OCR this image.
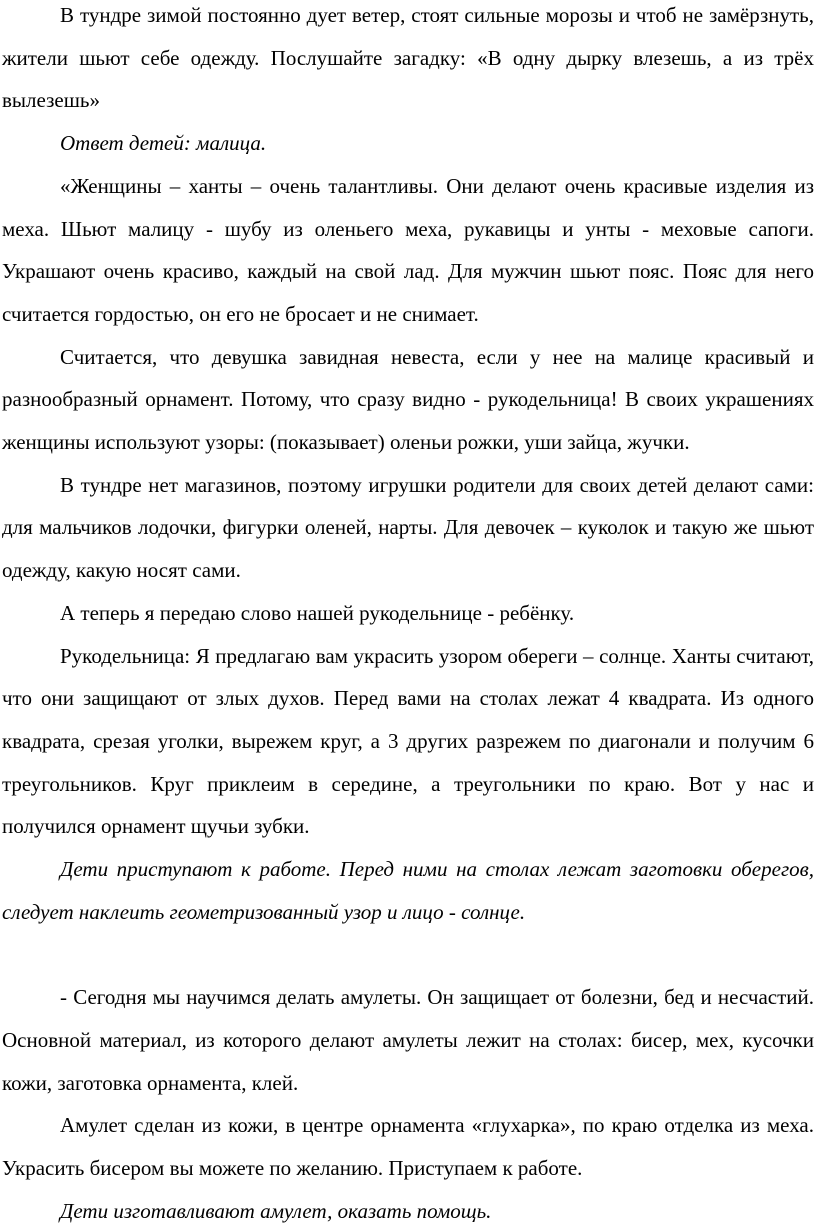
В тундре зимой постоянно дует ветер, стоят сильные морозы и чтоб не замёрзнуть, жители шьют себе одежду. Послушайте загадку: «В одну дырку влезешь, а из трёх вылезешь»

Ответ детей: малица.

«Женщины – ханты – очень талантливы. Они делают очень красивые изделия из меха. Шьют малицу - шубу из оленьего меха, рукавицы и унты - меховые сапоги. Украшают очень красиво, каждый на свой лад. Для мужчин шьют пояс. Пояс для него считается гордостью, он его не бросает и не снимает.

Считается, что девушка завидная невеста, если у нее на малице красивый и разнообразный орнамент. Потому, что сразу видно - рукодельница! В своих украшениях женщины используют узоры: (показывает) оленьи рожки, уши зайца, жучки.

В тундре нет магазинов, поэтому игрушки родители для своих детей делают сами: для мальчиков лодочки, фигурки оленей, нарты. Для девочек – куколок и такую же шьют одежду, какую носят сами.

А теперь я передаю слово нашей рукодельнице - ребёнку.

Рукодельница: Я предлагаю вам украсить узором обереги – солнце. Ханты считают, что они защищают от злых духов. Перед вами на столах лежат 4 квадрата. Из одного квадрата, срезая уголки, вырежем круг, а 3 других разрежем по диагонали и получим 6 треугольников. Круг приклеим в середине, а треугольники по краю. Вот у нас и получился орнамент щучьи зубки.

Дети приступают к работе. Перед ними на столах лежат заготовки оберегов, следует наклеить геометризованный узор и лицо - солнце.

- Сегодня мы научимся делать амулеты. Он защищает от болезни, бед и несчастий. Основной материал, из которого делают амулеты лежит на столах: бисер, мех, кусочки кожи, заготовка орнамента, клей.

Амулет сделан из кожи, в центре орнамента «глухарка», по краю отделка из меха. Украсить бисером вы можете по желанию. Приступаем к работе.

Дети изготавливают амулет, оказать помощь.
